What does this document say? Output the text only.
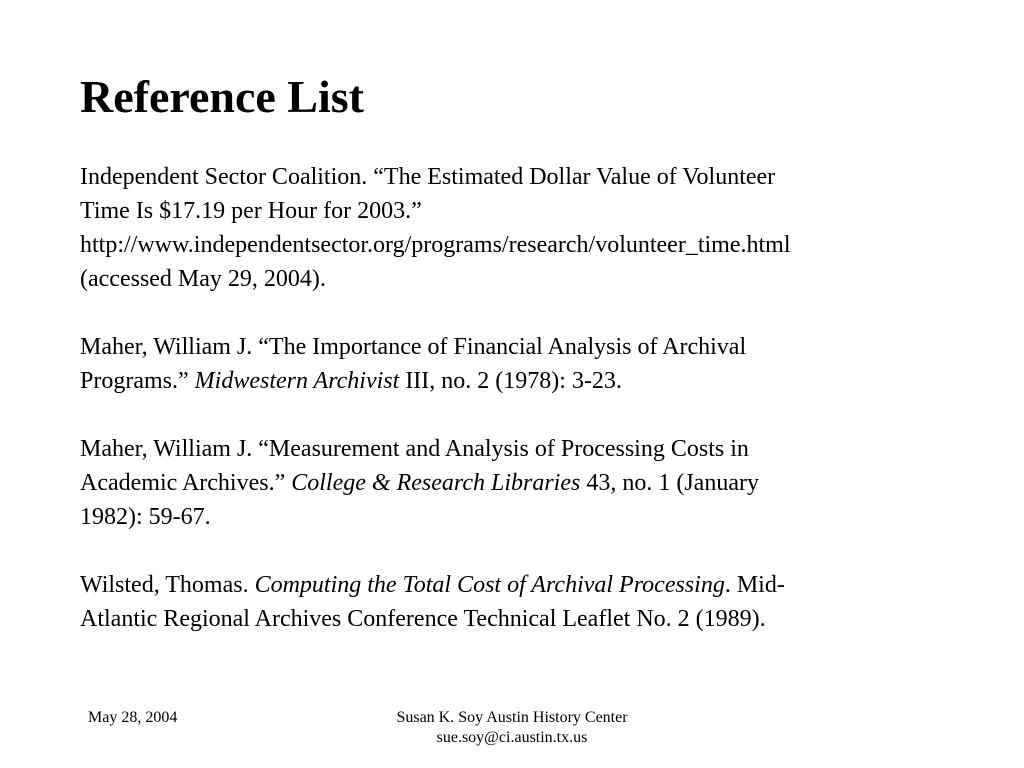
Reference List
Independent Sector Coalition. “The Estimated Dollar Value of Volunteer
Time Is $17.19 per Hour for 2003.”
http://www.independentsector.org/programs/research/volunteer_time.html
(accessed May 29, 2004).
Maher, William J. “The Importance of Financial Analysis of Archival
Programs.” Midwestern Archivist III, no. 2 (1978): 3-23.
Maher, William J. “Measurement and Analysis of Processing Costs in
Academic Archives.” College & Research Libraries 43, no. 1 (January
1982): 59-67.
Wilsted, Thomas. Computing the Total Cost of Archival Processing. Mid-
Atlantic Regional Archives Conference Technical Leaflet No. 2 (1989).
May 28, 2004	Susan K. Soy Austin History Center
sue.soy@ci.austin.tx.us
